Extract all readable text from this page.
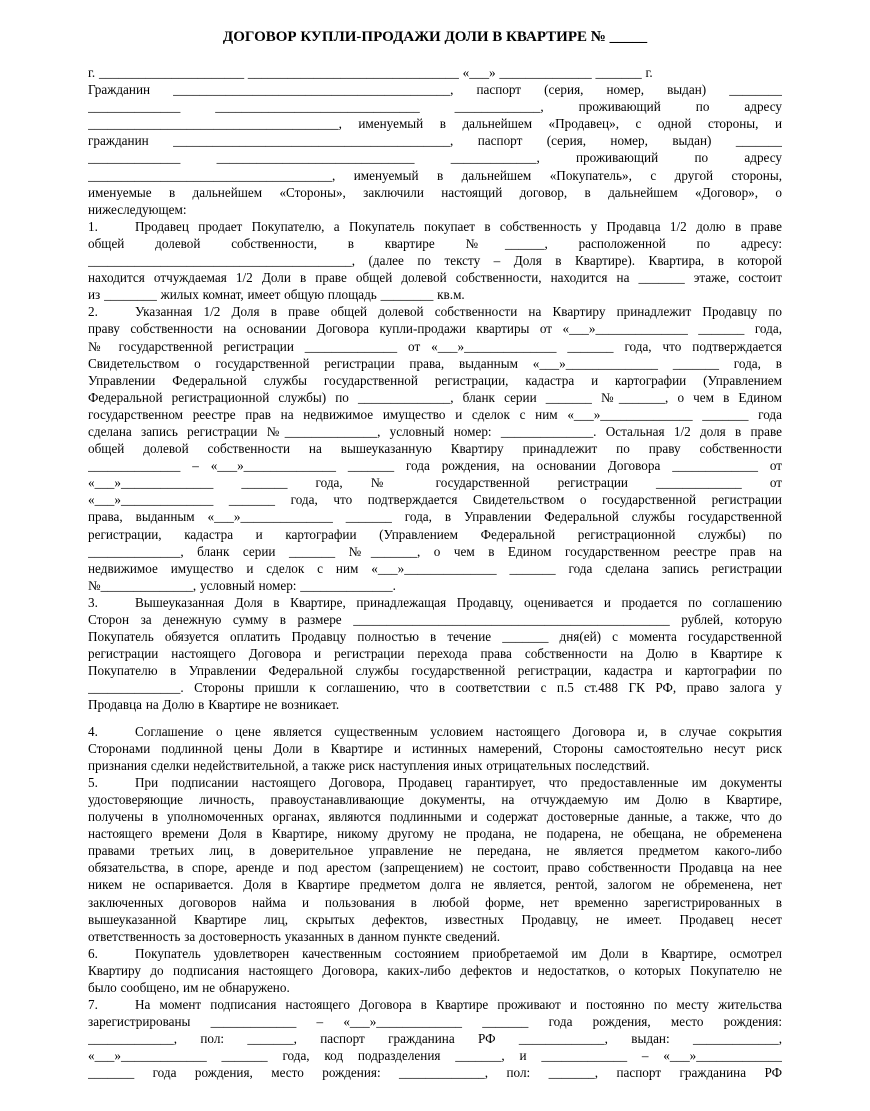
ДОГОВОР КУПЛИ-ПРОДАЖИ ДОЛИ В КВАРТИРЕ № _____
г. ______________________ ________________________________ «___» ______________ _______ г.
Гражданин __________________________________________, паспорт (серия, номер, выдан) ________
______________ _______________________________ _____________, проживающий по адресу
______________________________________, именуемый в дальнейшем «Продавец», с одной стороны, и
гражданин __________________________________________, паспорт (серия, номер, выдан) _______
______________ ______________________________ _____________, проживающий по адресу
_____________________________________, именуемый в дальнейшем «Покупатель», с другой стороны,
именуемые в дальнейшем «Стороны», заключили настоящий договор, в дальнейшем «Договор», о
нижеследующем:
1.	Продавец продает Покупателю, а Покупатель покупает в собственность у Продавца 1/2 долю в праве
общей долевой собственности, в квартире №______, расположенной по адресу:
________________________________________, (далее по тексту – Доля в Квартире). Квартира, в которой
находится отчуждаемая 1/2 Доли в праве общей долевой собственности, находится на _______ этаже, состоит
из ________ жилых комнат, имеет общую площадь ________ кв.м.
2.	Указанная 1/2 Доля в праве общей долевой собственности на Квартиру принадлежит Продавцу по
праву собственности на основании Договора купли-продажи квартиры от «___»______________ _______ года,
№ государственной регистрации ______________ от «___»______________ _______ года, что подтверждается
Свидетельством о государственной регистрации права, выданным «___»______________ _______ года, в
Управлении Федеральной службы государственной регистрации, кадастра и картографии (Управлением
Федеральной регистрационной службы) по ______________, бланк серии _______ №_______, о чем в Едином
государственном реестре прав на недвижимое имущество и сделок с ним «___»______________ _______ года
сделана запись регистрации №______________, условный номер: ______________. Остальная 1/2 доля в праве
общей долевой собственности на вышеуказанную Квартиру принадлежит по праву собственности
______________ – «___»______________ _______ года рождения, на основании Договора _____________ от
«___»______________ _______ года, № государственной регистрации _____________ от
«___»______________ _______ года, что подтверждается Свидетельством о государственной регистрации
права, выданным «___»______________ _______ года, в Управлении Федеральной службы государственной
регистрации, кадастра и картографии (Управлением Федеральной регистрационной службы) по
______________, бланк серии _______ №_______, о чем в Едином государственном реестре прав на
недвижимое имущество и сделок с ним «___»______________ _______ года сделана запись регистрации
№______________, условный номер: ______________.
3.	Вышеуказанная Доля в Квартире, принадлежащая Продавцу, оценивается и продается по соглашению
Сторон за денежную сумму в размере ________________________________________________ рублей, которую
Покупатель обязуется оплатить Продавцу полностью в течение _______ дня(ей) с момента государственной
регистрации настоящего Договора и регистрации перехода права собственности на Долю в Квартире к
Покупателю в Управлении Федеральной службы государственной регистрации, кадастра и картографии по
______________. Стороны пришли к соглашению, что в соответствии с п.5 ст.488 ГК РФ, право залога у
Продавца на Долю в Квартире не возникает.
4.	Соглашение о цене является существенным условием настоящего Договора и, в случае сокрытия
Сторонами подлинной цены Доли в Квартире и истинных намерений, Стороны самостоятельно несут риск
признания сделки недействительной, а также риск наступления иных отрицательных последствий.
5.	При подписании настоящего Договора, Продавец гарантирует, что предоставленные им документы
удостоверяющие личность, правоустанавливающие документы, на отчуждаемую им Долю в Квартире,
получены в уполномоченных органах, являются подлинными и содержат достоверные данные, а также, что до
настоящего времени Доля в Квартире, никому другому не продана, не подарена, не обещана, не обременена
правами третьих лиц, в доверительное управление не передана, не является предметом какого-либо
обязательства, в споре, аренде и под арестом (запрещением) не состоит, право собственности Продавца на нее
никем не оспаривается. Доля в Квартире предметом долга не является, рентой, залогом не обременена, нет
заключенных договоров найма и пользования в любой форме, нет временно зарегистрированных в
вышеуказанной Квартире лиц, скрытых дефектов, известных Продавцу, не имеет. Продавец несет
ответственность за достоверность указанных в данном пункте сведений.
6.	Покупатель удовлетворен качественным состоянием приобретаемой им Доли в Квартире, осмотрел
Квартиру до подписания настоящего Договора, каких-либо дефектов и недостатков, о которых Покупателю не
было сообщено, им не обнаружено.
7.	На момент подписания настоящего Договора в Квартире проживают и постоянно по месту жительства
зарегистрированы _____________ – «___»_____________ _______ года рождения, место рождения:
_____________, пол: _______, паспорт гражданина РФ _____________, выдан: _____________,
«___»_____________ _______ года, код подразделения _______, и _____________ – «___»_____________
_______ года рождения, место рождения: _____________, пол: _______, паспорт гражданина РФ
